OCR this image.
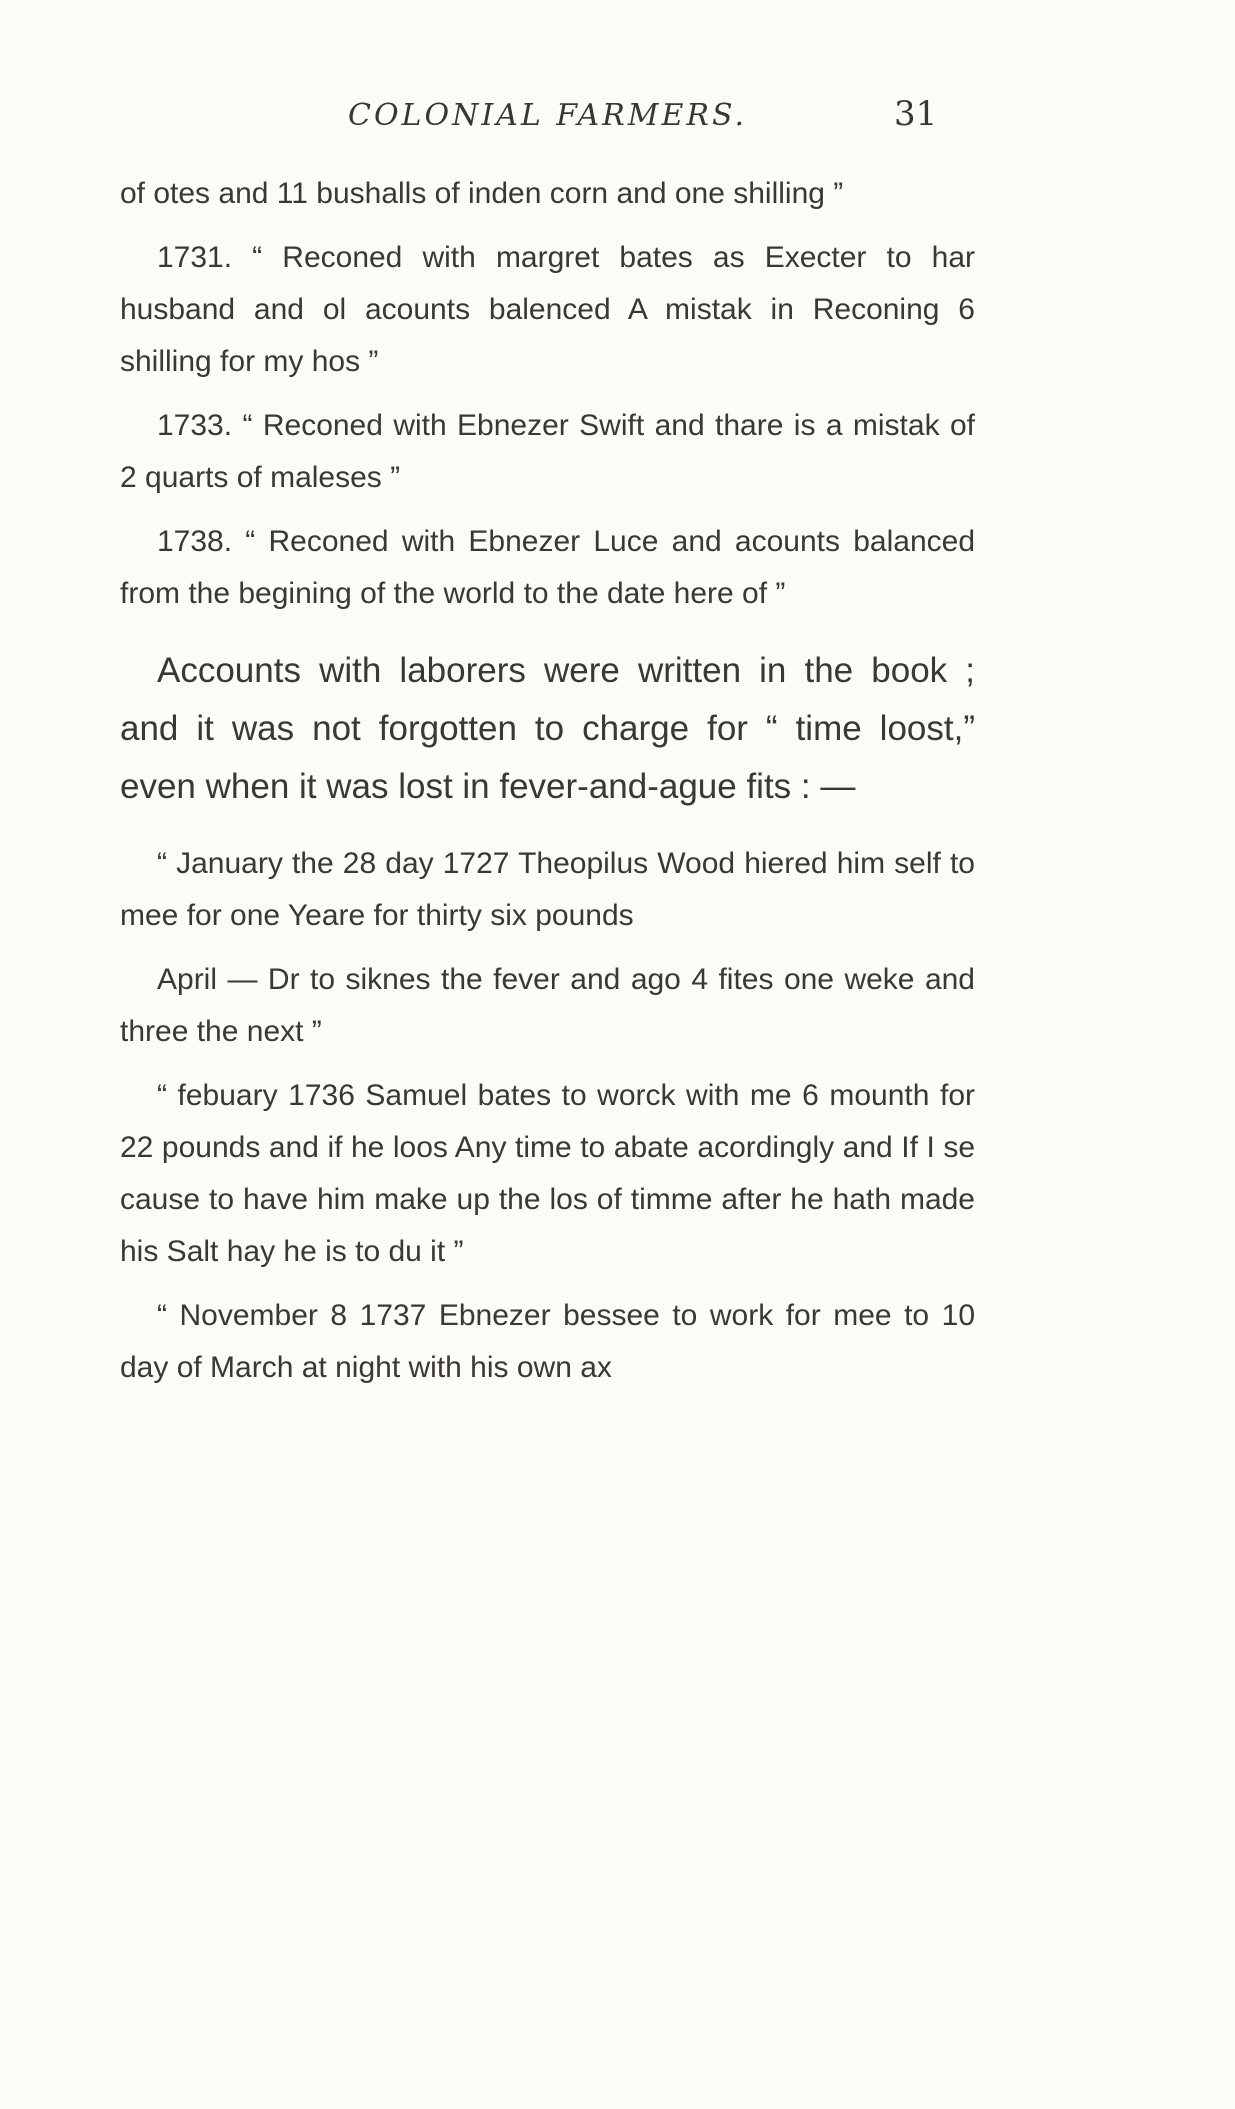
COLONIAL FARMERS.	31

of otes and 11 bushalls of inden corn and one shilling ”

1731. “ Reconed with margret bates as Execter to har husband and ol acounts balenced A mistak in Reconing 6 shilling for my hos ”

1733. “ Reconed with Ebnezer Swift and thare is a mistak of 2 quarts of maleses ”

1738. “ Reconed with Ebnezer Luce and acounts balanced from the begining of the world to the date here of ”

Accounts with laborers were written in the book ; and it was not forgotten to charge for “ time loost,” even when it was lost in fever-and-ague fits : —

“ January the 28 day 1727 Theopilus Wood hiered him self to mee for one Yeare for thirty six pounds

April — Dr to siknes the fever and ago 4 fites one weke and three the next ”

“ febuary 1736 Samuel bates to worck with me 6 mounth for 22 pounds and if he loos Any time to abate acordingly and If I se cause to have him make up the los of timme after he hath made his Salt hay he is to du it ”

“ November 8 1737 Ebnezer bessee to work for mee to 10 day of March at night with his own ax
